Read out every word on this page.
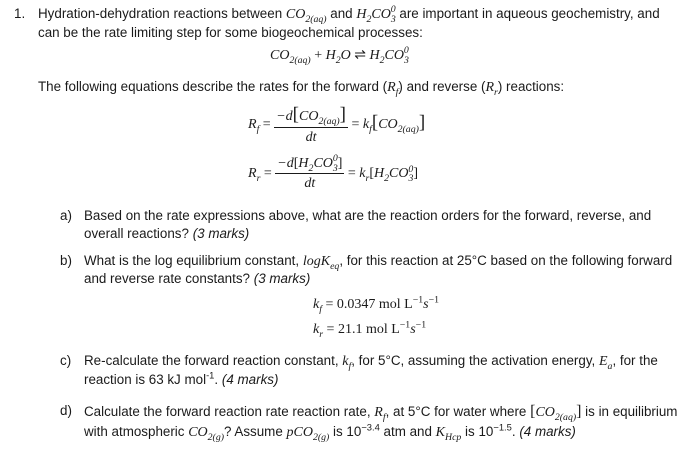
1. Hydration-dehydration reactions between $CO_{2(aq)}$ and $H_2CO_3^0$ are important in aqueous geochemistry, and
can be the rate limiting step for some biogeochemical processes:
$CO_{2(aq)} + H_2O$ ⇌ $H_2CO_3^0$
The following equations describe the rates for the forward $(R_f)$ and reverse $(R_r)$ reactions:
$R_f = \frac{-d[CO_{2(aq)}]}{dt} = k_f[CO_{2(aq)}]$
$R_r = \frac{-d[H_2CO_3^0]}{dt} = k_r[H_2CO_3^0]$
a) Based on the rate expressions above, what are the reaction orders for the forward, reverse, and
overall reactions? (3 marks)
b) What is the log equilibrium constant, logK$_{eq}$, for this reaction at 25°C based on the following forward
and reverse rate constants? (3 marks)
$k_f = 0.0347$ mol $L^{-1}s^{-1}$
$k_r = 21.1$ mol $L^{-1}s^{-1}$
c) Re-calculate the forward reaction constant, $k_f$, for 5°C, assuming the activation energy, $E_a$, for the
reaction is 63 kJ mol$^{-1}$. (4 marks)
d) Calculate the forward reaction rate reaction rate, $R_f$, at 5°C for water where $[CO_{2(aq)}]$ is in equilibrium
with atmospheric $CO_{2(g)}$? Assume pCO$_{2(g)}$ is $10^{-3.4}$ atm and $K_{Hcp}$ is $10^{-1.5}$. (4 marks)
